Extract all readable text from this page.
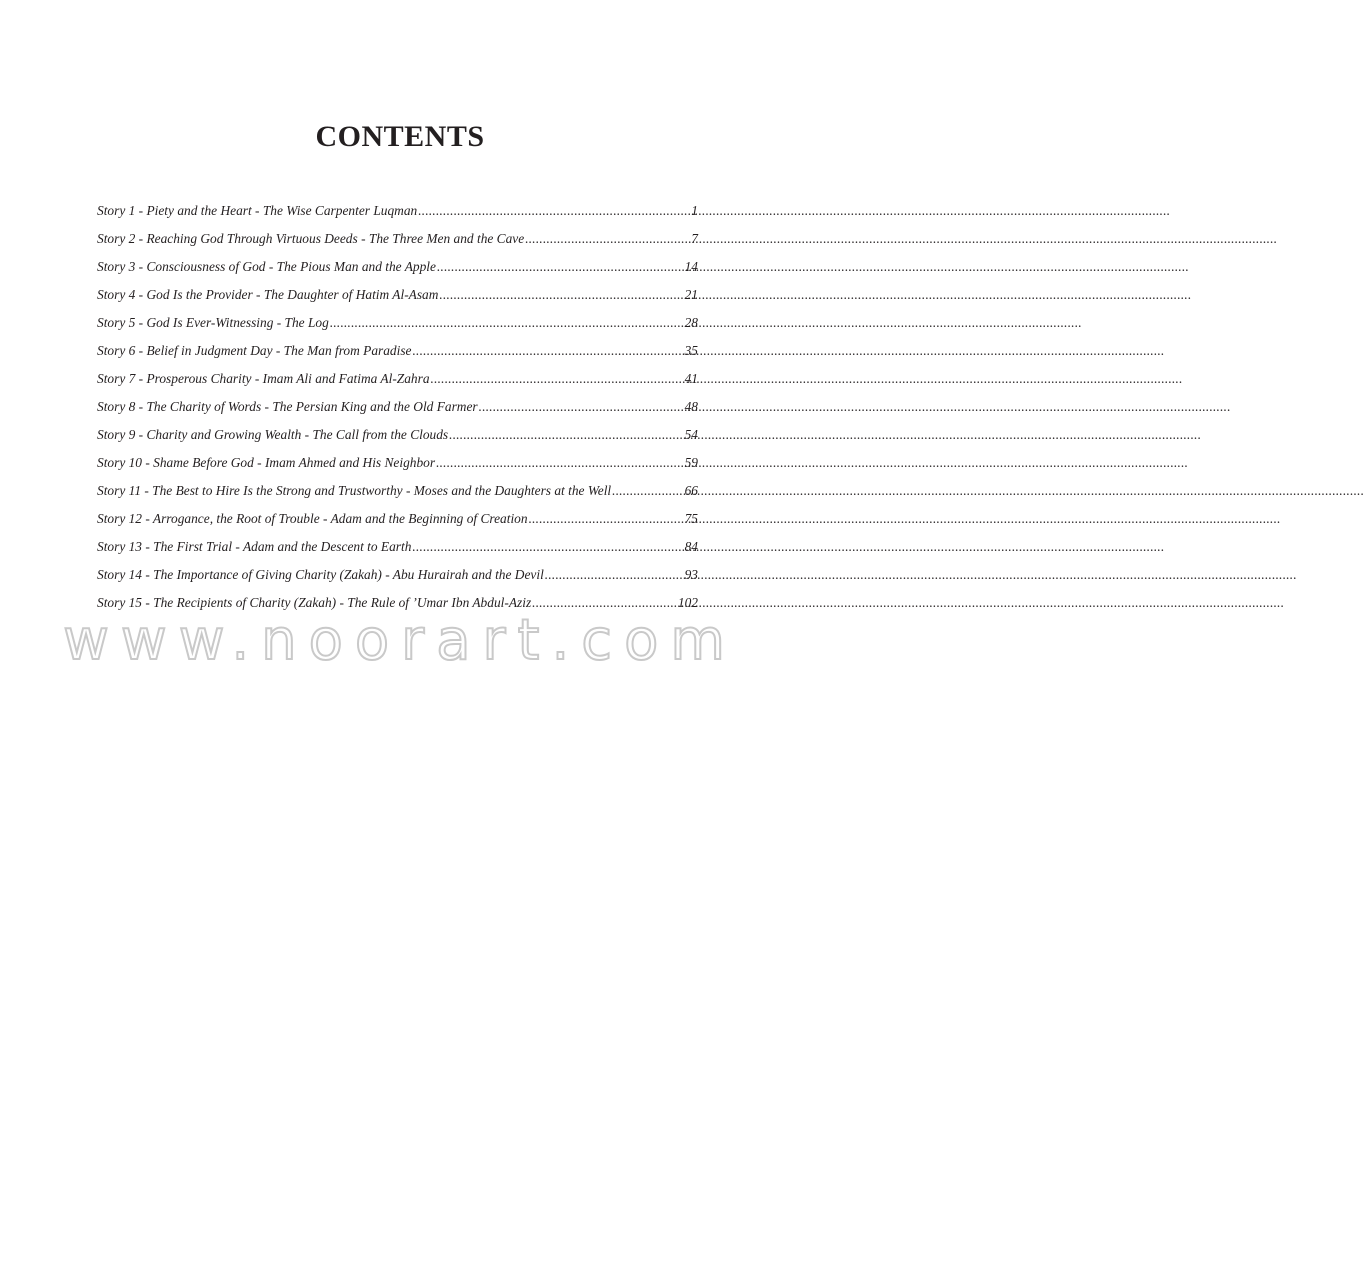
CONTENTS
Story 1 - Piety and the Heart - The Wise Carpenter Luqman .....	1
Story 2 - Reaching God Through Virtuous Deeds - The Three Men and the Cave .....	7
Story 3 - Consciousness of God - The Pious Man and the Apple .....	14
Story 4 - God Is the Provider - The Daughter of Hatim Al-Asam .....	21
Story 5 - God Is Ever-Witnessing - The Log .....	28
Story 6 - Belief in Judgment Day - The Man from Paradise .....	35
Story 7 - Prosperous Charity - Imam Ali and Fatima Al-Zahra .....	41
Story 8 - The Charity of Words - The Persian King and the Old Farmer .....	48
Story 9 - Charity and Growing Wealth - The Call from the Clouds .....	54
Story 10 - Shame Before God - Imam Ahmed and His Neighbor .....	59
Story 11 - The Best to Hire Is the Strong and Trustworthy - Moses and the Daughters at the Well .....	66
Story 12 - Arrogance, the Root of Trouble - Adam and the Beginning of Creation .....	75
Story 13 - The First Trial - Adam and the Descent to Earth .....	84
Story 14 - The Importance of Giving Charity (Zakah) - Abu Hurairah and the Devil .....	93
Story 15 - The Recipients of Charity (Zakah) - The Rule of ’Umar Ibn Abdul-Aziz .....	102
www.noorart.com
